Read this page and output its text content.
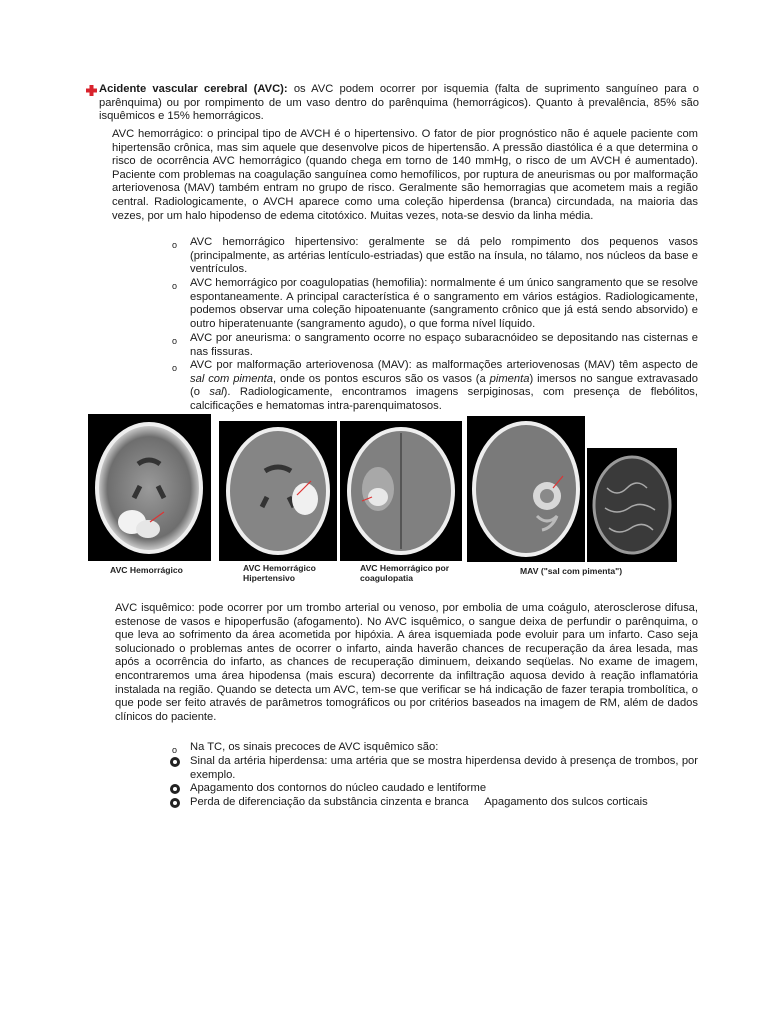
Acidente vascular cerebral (AVC): os AVC podem ocorrer por isquemia (falta de suprimento sanguíneo para o parênquima) ou por rompimento de um vaso dentro do parênquima (hemorrágicos). Quanto à prevalência, 85% são isquêmicos e 15% hemorrágicos.
AVC hemorrágico: o principal tipo de AVCH é o hipertensivo. O fator de pior prognóstico não é aquele paciente com hipertensão crônica, mas sim aquele que desenvolve picos de hipertensão. A pressão diastólica é a que determina o risco de ocorrência AVC hemorrágico (quando chega em torno de 140 mmHg, o risco de um AVCH é aumentado). Paciente com problemas na coagulação sanguínea como hemofílicos, por ruptura de aneurismas ou por malformação arteriovenosa (MAV) também entram no grupo de risco. Geralmente são hemorragias que acometem mais a região central. Radiologicamente, o AVCH aparece como uma coleção hiperdensa (branca) circundada, na maioria das vezes, por um halo hipodenso de edema citotóxico. Muitas vezes, nota-se desvio da linha média.
o AVC hemorrágico hipertensivo: geralmente se dá pelo rompimento dos pequenos vasos (principalmente, as artérias lentículo-estriadas) que estão na ínsula, no tálamo, nos núcleos da base e ventrículos.
o AVC hemorrágico por coagulopatias (hemofilia): normalmente é um único sangramento que se resolve espontaneamente. A principal característica é o sangramento em vários estágios. Radiologicamente, podemos observar uma coleção hipoatenuante (sangramento crônico que já está sendo absorvido) e outro hiperatenuante (sangramento agudo), o que forma nível líquido.
o AVC por aneurisma: o sangramento ocorre no espaço subaracnóideo se depositando nas cisternas e nas fissuras.
o AVC por malformação arteriovenosa (MAV): as malformações arteriovenosas (MAV) têm aspecto de sal com pimenta, onde os pontos escuros são os vasos (a pimenta) imersos no sangue extravasado (o sal). Radiologicamente, encontramos imagens serpiginosas, com presença de flebólitos, calcificações e hematomas intra-parenquimatosos.
AVC Hemorrágico	AVC Hemorrágico Hipertensivo
AVC Hemorrágico por coagulopatia
MAV ("sal com pimenta")
AVC isquêmico: pode ocorrer por um trombo arterial ou venoso, por embolia de uma coágulo, aterosclerose difusa, estenose de vasos e hipoperfusão (afogamento). No AVC isquêmico, o sangue deixa de perfundir o parênquima, o que leva ao sofrimento da área acometida por hipóxia. A área isquemiada pode evoluir para um infarto. Caso seja solucionado o problemas antes de ocorrer o infarto, ainda haverão chances de recuperação da área lesada, mas após a ocorrência do infarto, as chances de recuperação diminuem, deixando seqüelas. No exame de imagem, encontraremos uma área hipodensa (mais escura) decorrente da infiltração aquosa devido à reação inflamatória instalada na região. Quando se detecta um AVC, tem-se que verificar se há indicação de fazer terapia trombolítica, o que pode ser feito através de parâmetros tomográficos ou por critérios baseados na imagem de RM, além de dados clínicos do paciente.
o Na TC, os sinais precoces de AVC isquêmico são:
Sinal da artéria hiperdensa: uma artéria que se mostra hiperdensa devido à presença de trombos, por exemplo.
Apagamento dos contornos do núcleo caudado e lentiforme
Perda de diferenciação da substância cinzenta e branca Apagamento dos sulcos corticais
